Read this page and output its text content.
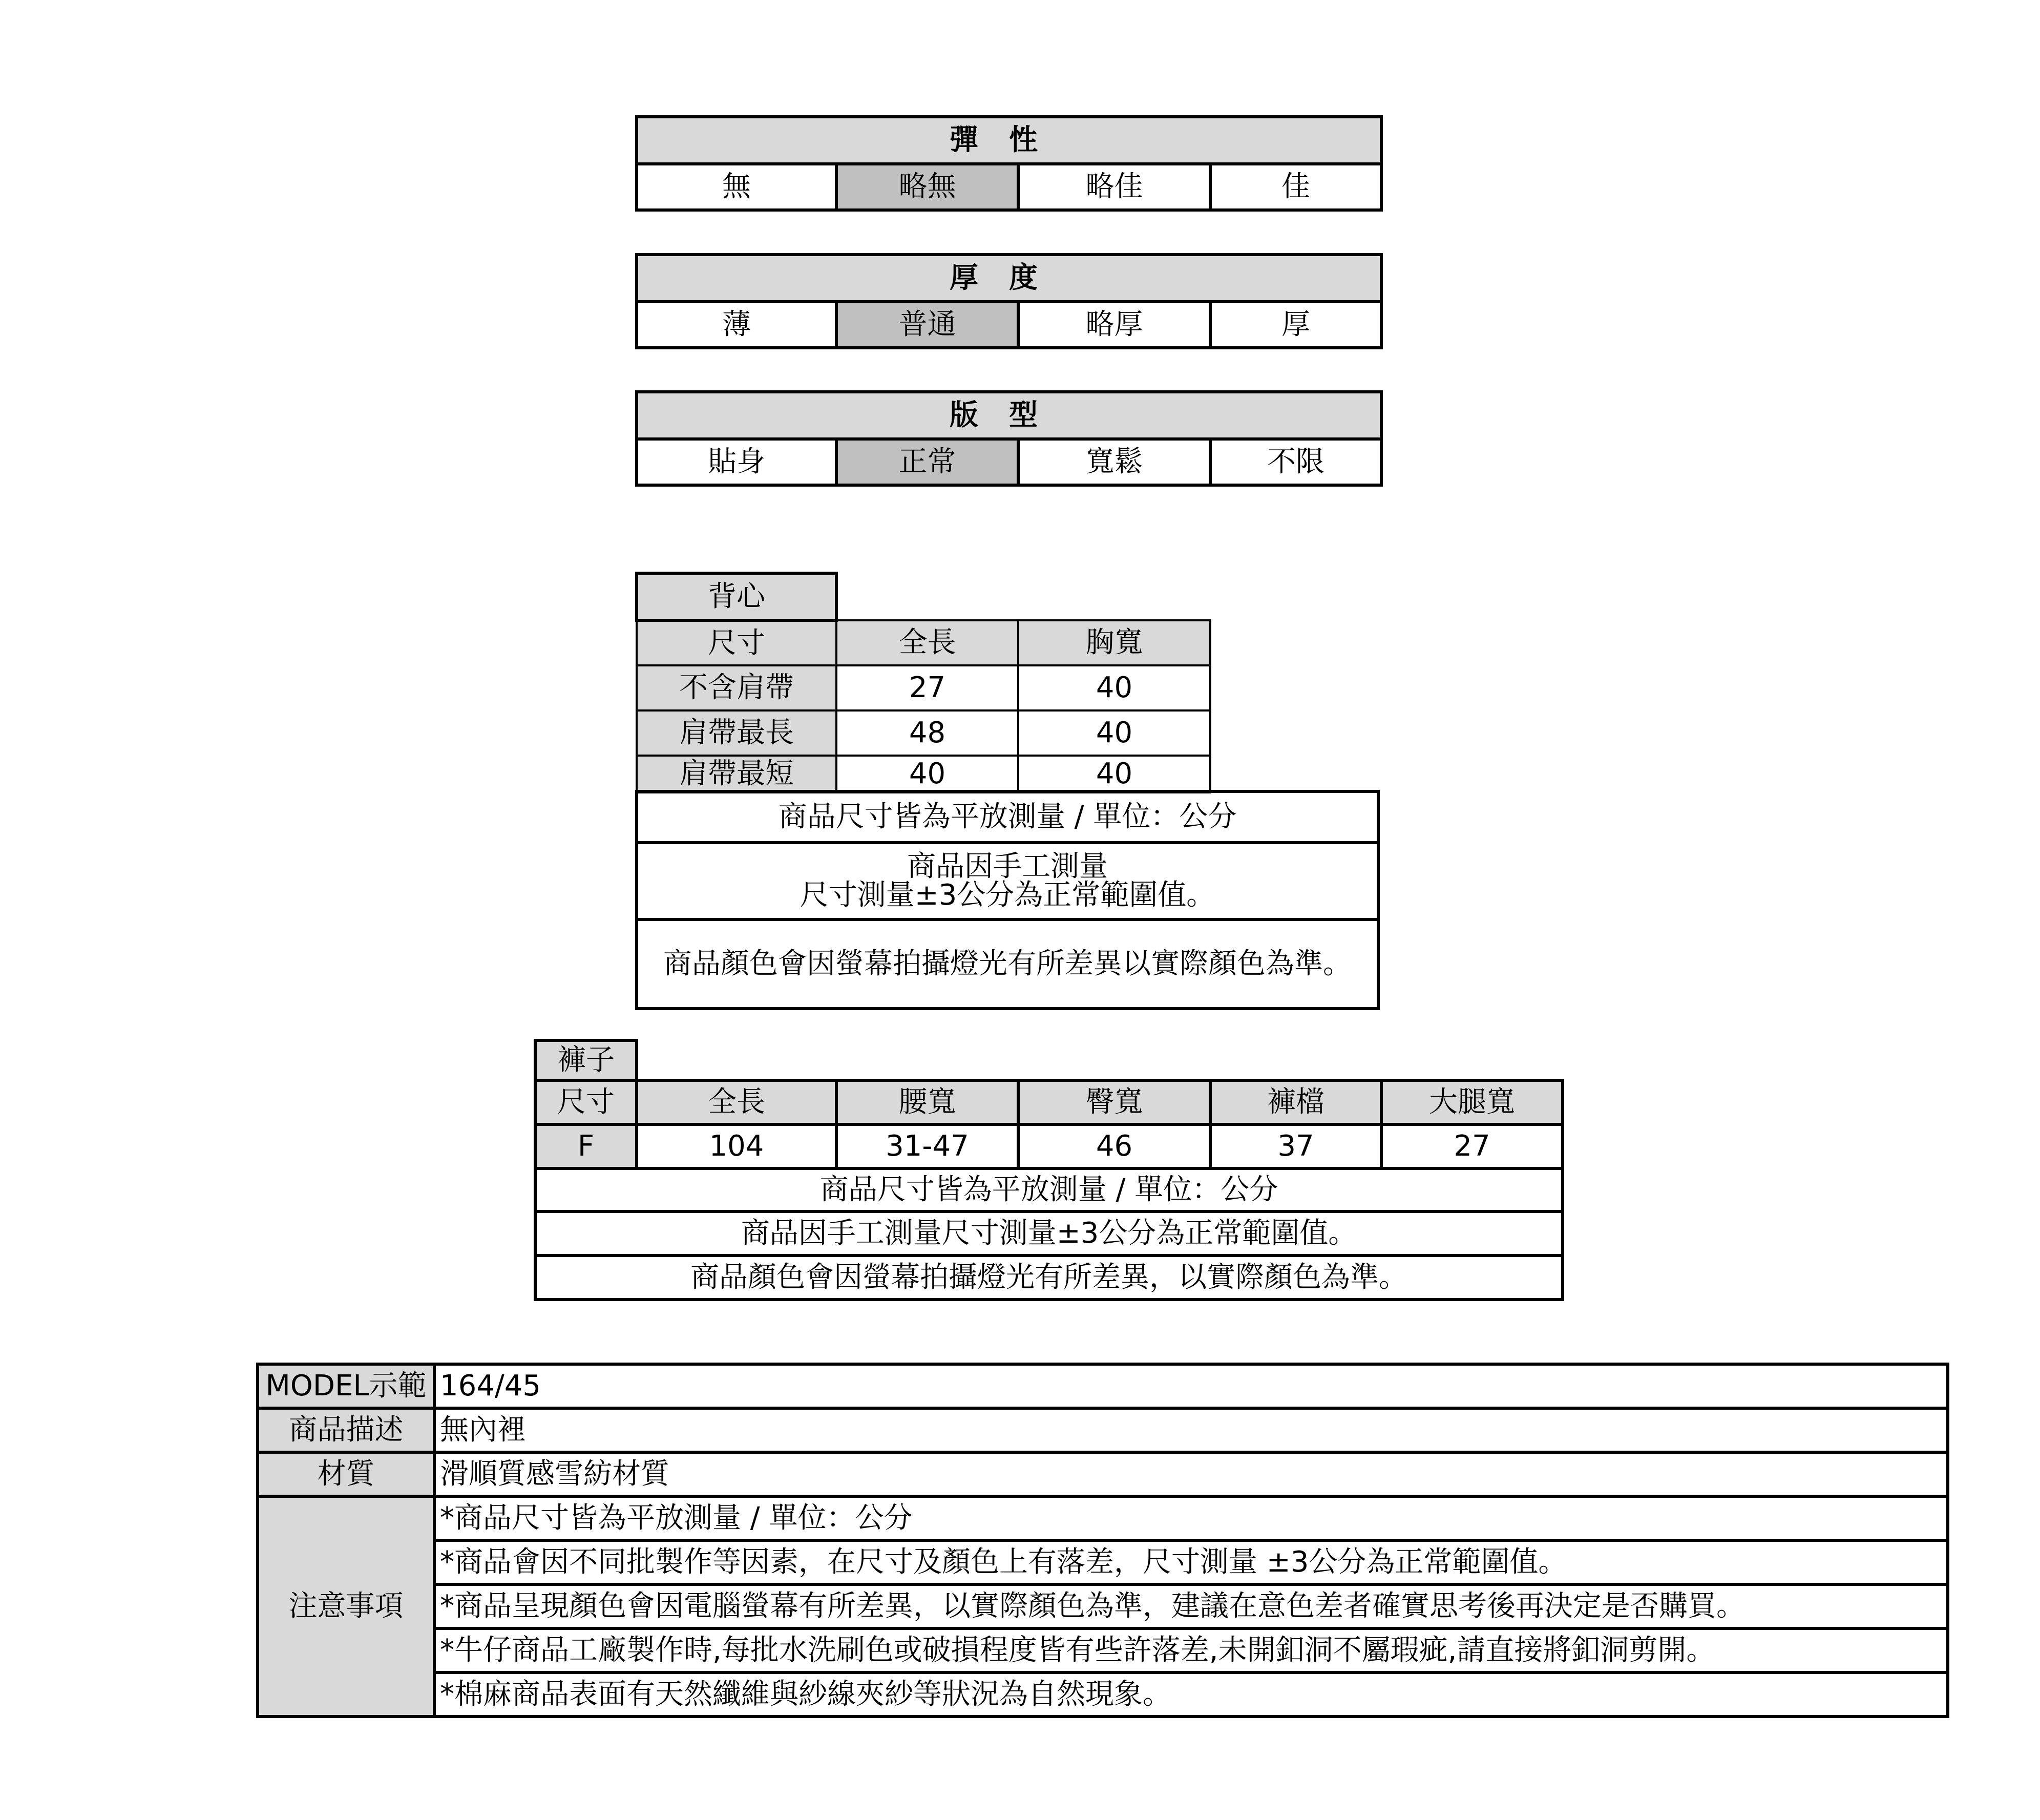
彈性
無	略無	略佳	佳
厚度
薄	普通	略厚	厚
版型
貼身	正常	寬鬆	不限
背心		
尺寸	全長	胸寬
不含肩帶	27	40
肩帶最長	48	40
肩帶最短	40	40
商品尺寸皆為平放測量 / 單位：公分

商品因手工測量
尺寸測量±3公分為正常範圍值。

商品顏色會因螢幕拍攝燈光有所差異以實際顏色為準。
褲子					
尺寸	全長	腰寬	臀寬	褲檔	大腿寬
F	104	31-47	46	37	27
商品尺寸皆為平放測量 / 單位：公分					
商品因手工測量尺寸測量±3公分為正常範圍值。					
商品顏色會因螢幕拍攝燈光有所差異，以實際顏色為準。					
MODEL示範	164/45
商品描述	無內裡
材質	滑順質感雪紡材質
注意事項	*商品尺寸皆為平放測量 / 單位：公分
	*商品會因不同批製作等因素，在尺寸及顏色上有落差，尺寸測量 ±3公分為正常範圍值。
	*商品呈現顏色會因電腦螢幕有所差異，以實際顏色為準，建議在意色差者確實思考後再決定是否購買。
	*牛仔商品工廠製作時,每批水洗刷色或破損程度皆有些許落差,未開釦洞不屬瑕疵,請直接將釦洞剪開。
	*棉麻商品表面有天然纖維與紗線夾紗等狀況為自然現象。
